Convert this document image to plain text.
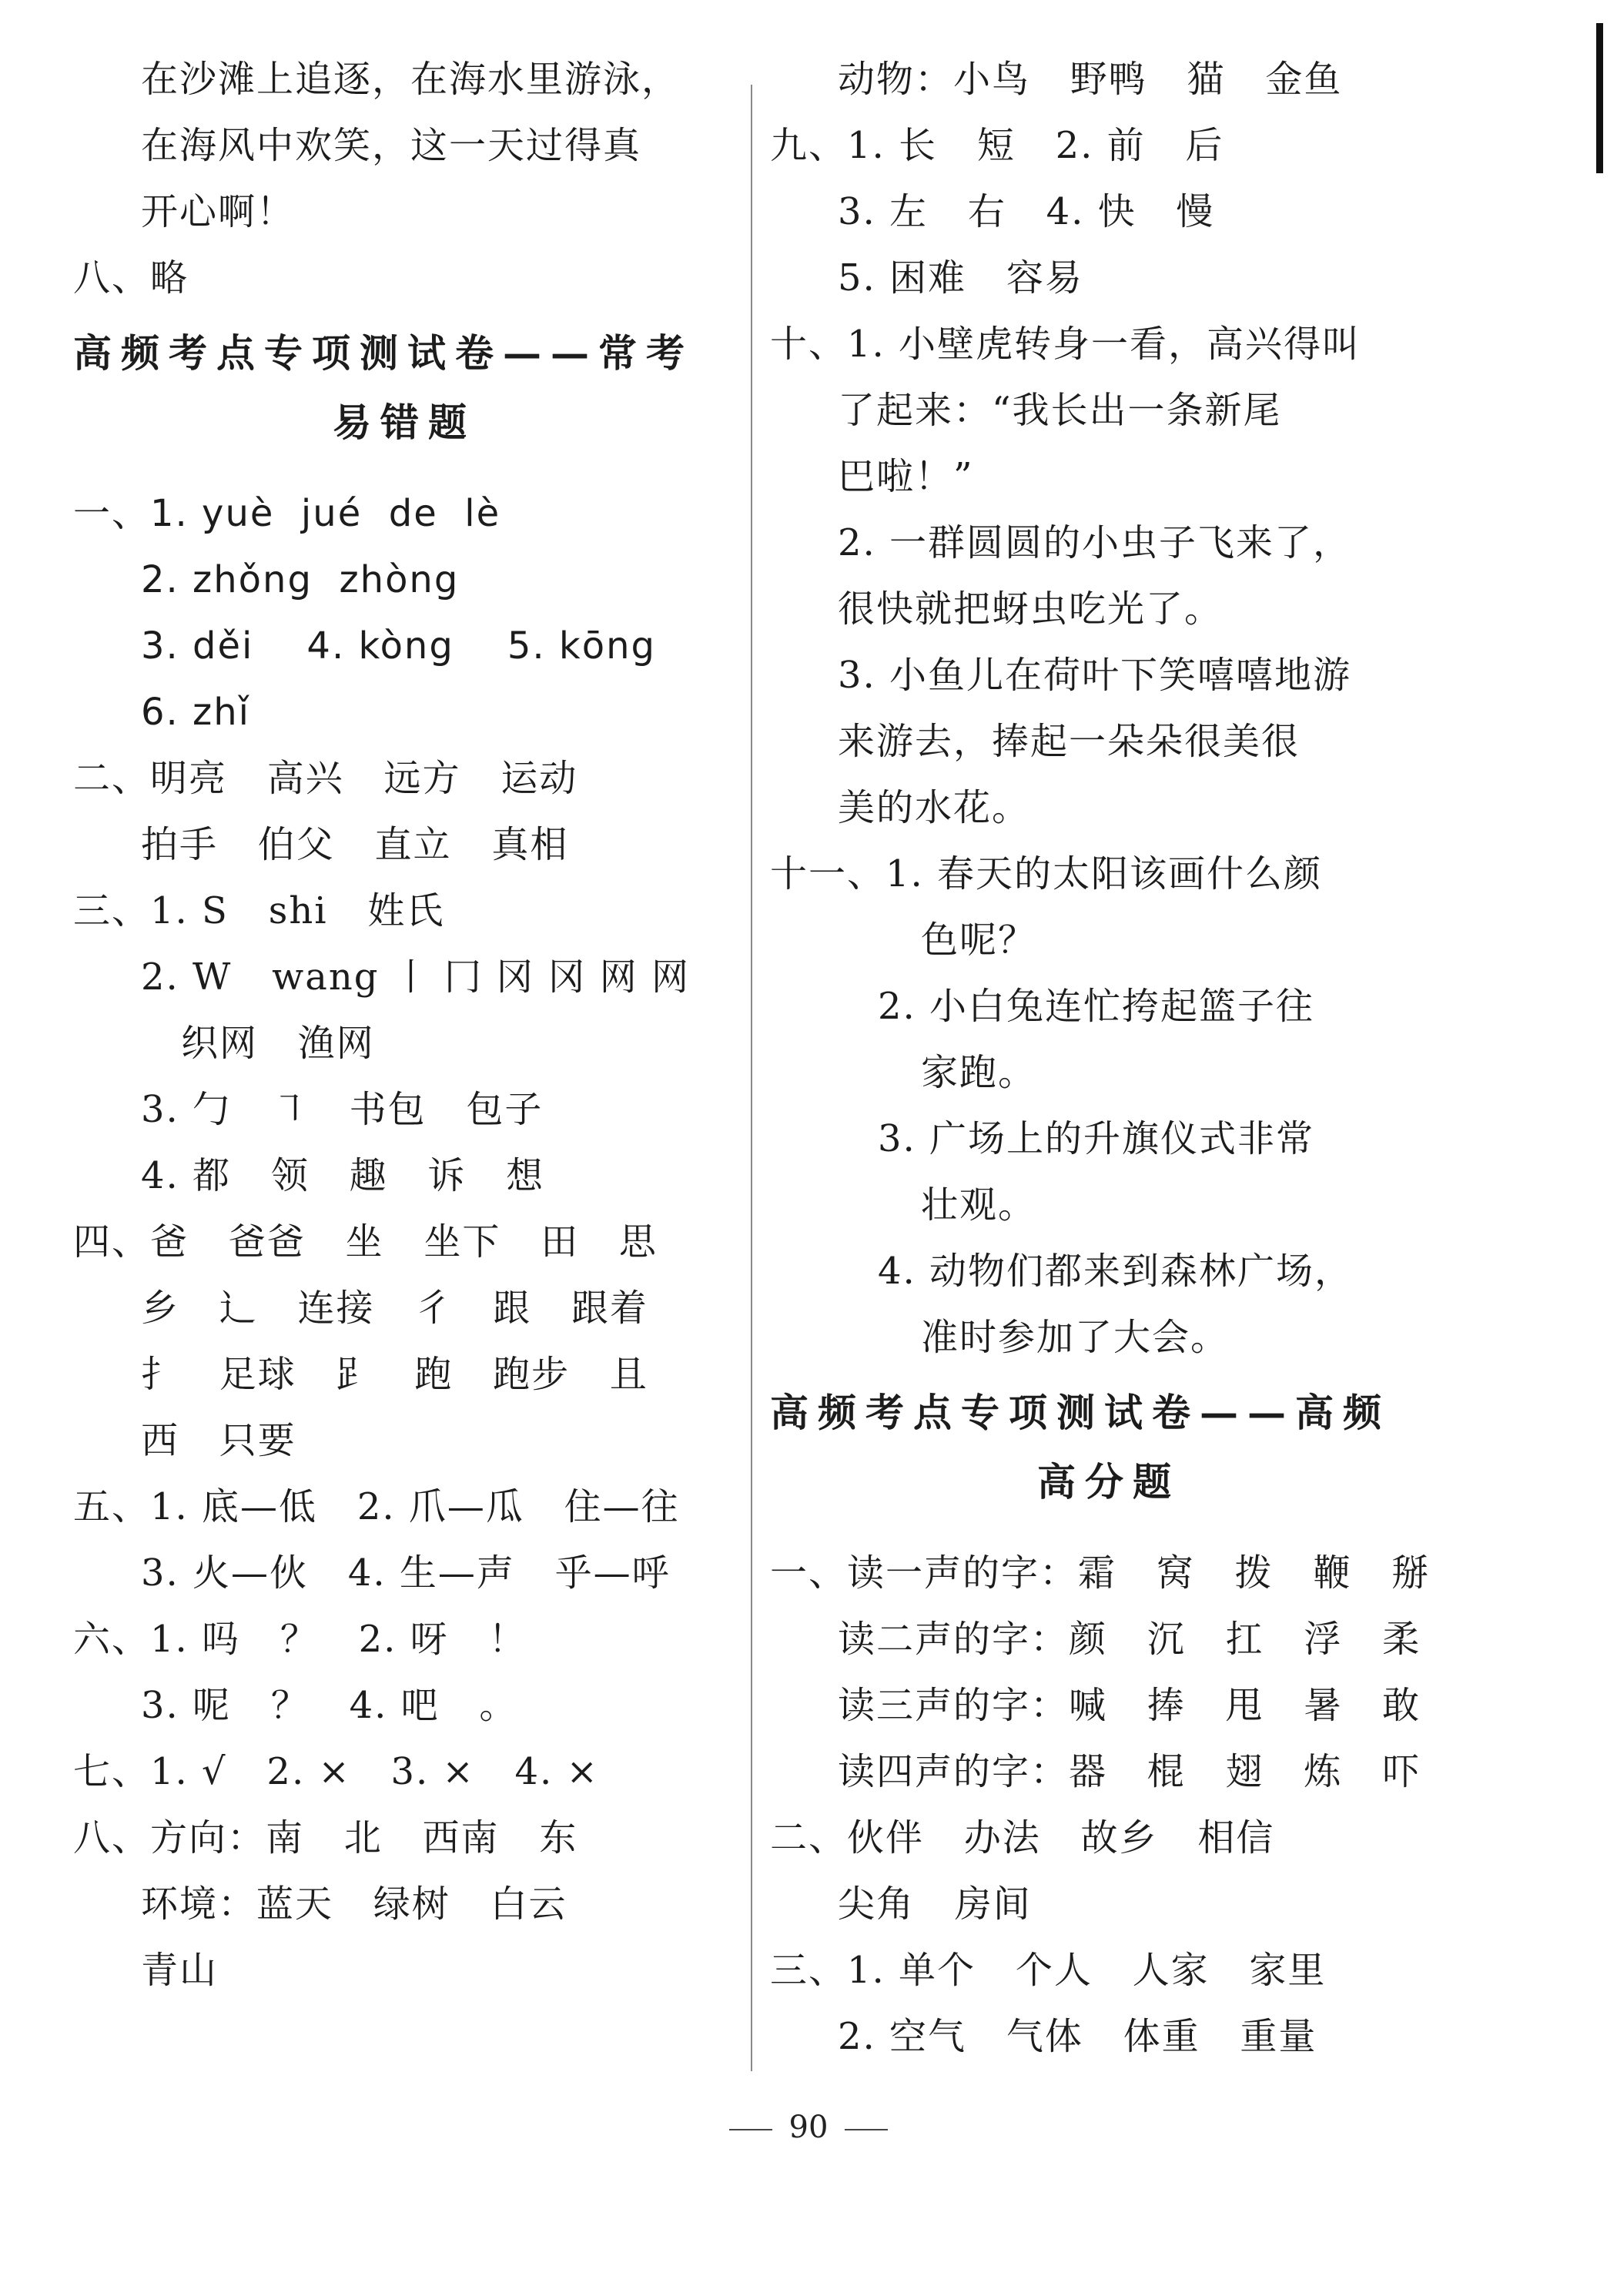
在沙滩上追逐，在海水里游泳，
在海风中欢笑，这一天过得真
开心啊！
八、略
高频考点专项测试卷——常考
易错题
一、1. yuè  jué  de  lè
2. zhǒng  zhòng
3. děi    4. kòng    5. kōng
6. zhǐ
二、明亮   高兴   远方   运动
拍手   伯父   直立   真相
三、1. S   shi   姓氏
2. W   wang 丨 冂 冈 冈 网 网
织网   渔网
3. 勹   ㇕   书包   包子
4. 都   领   趣   诉   想
四、爸   爸爸   坐   坐下   田   思
乡   辶   连接   彳   跟   跟着
扌   足球   𧾷   跑   跑步   且
西   只要
五、1. 底—低   2. 爪—瓜   住—往
3. 火—伙   4. 生—声   乎—呼
六、1. 吗   ？   2. 呀   ！
3. 呢   ？   4. 吧   。
七、1. √   2. ×   3. ×   4. ×
八、方向：南   北   西南   东
环境：蓝天   绿树   白云
青山
动物：小鸟   野鸭   猫   金鱼
九、1. 长   短   2. 前   后
3. 左   右   4. 快   慢
5. 困难   容易
十、1. 小壁虎转身一看，高兴得叫
了起来：“我长出一条新尾
巴啦！”
2. 一群圆圆的小虫子飞来了，
很快就把蚜虫吃光了。
3. 小鱼儿在荷叶下笑嘻嘻地游
来游去，捧起一朵朵很美很
美的水花。
十一、1. 春天的太阳该画什么颜
色呢？
2. 小白兔连忙挎起篮子往
家跑。
3. 广场上的升旗仪式非常
壮观。
4. 动物们都来到森林广场，
准时参加了大会。
高频考点专项测试卷——高频
高分题
一、读一声的字：霜   窝   拨   鞭   掰
读二声的字：颜   沉   扛   浮   柔
读三声的字：喊   捧   甩   暑   敢
读四声的字：器   棍   翅   炼   吓
二、伙伴   办法   故乡   相信
尖角   房间
三、1. 单个   个人   人家   家里
2. 空气   气体   体重   重量
90
